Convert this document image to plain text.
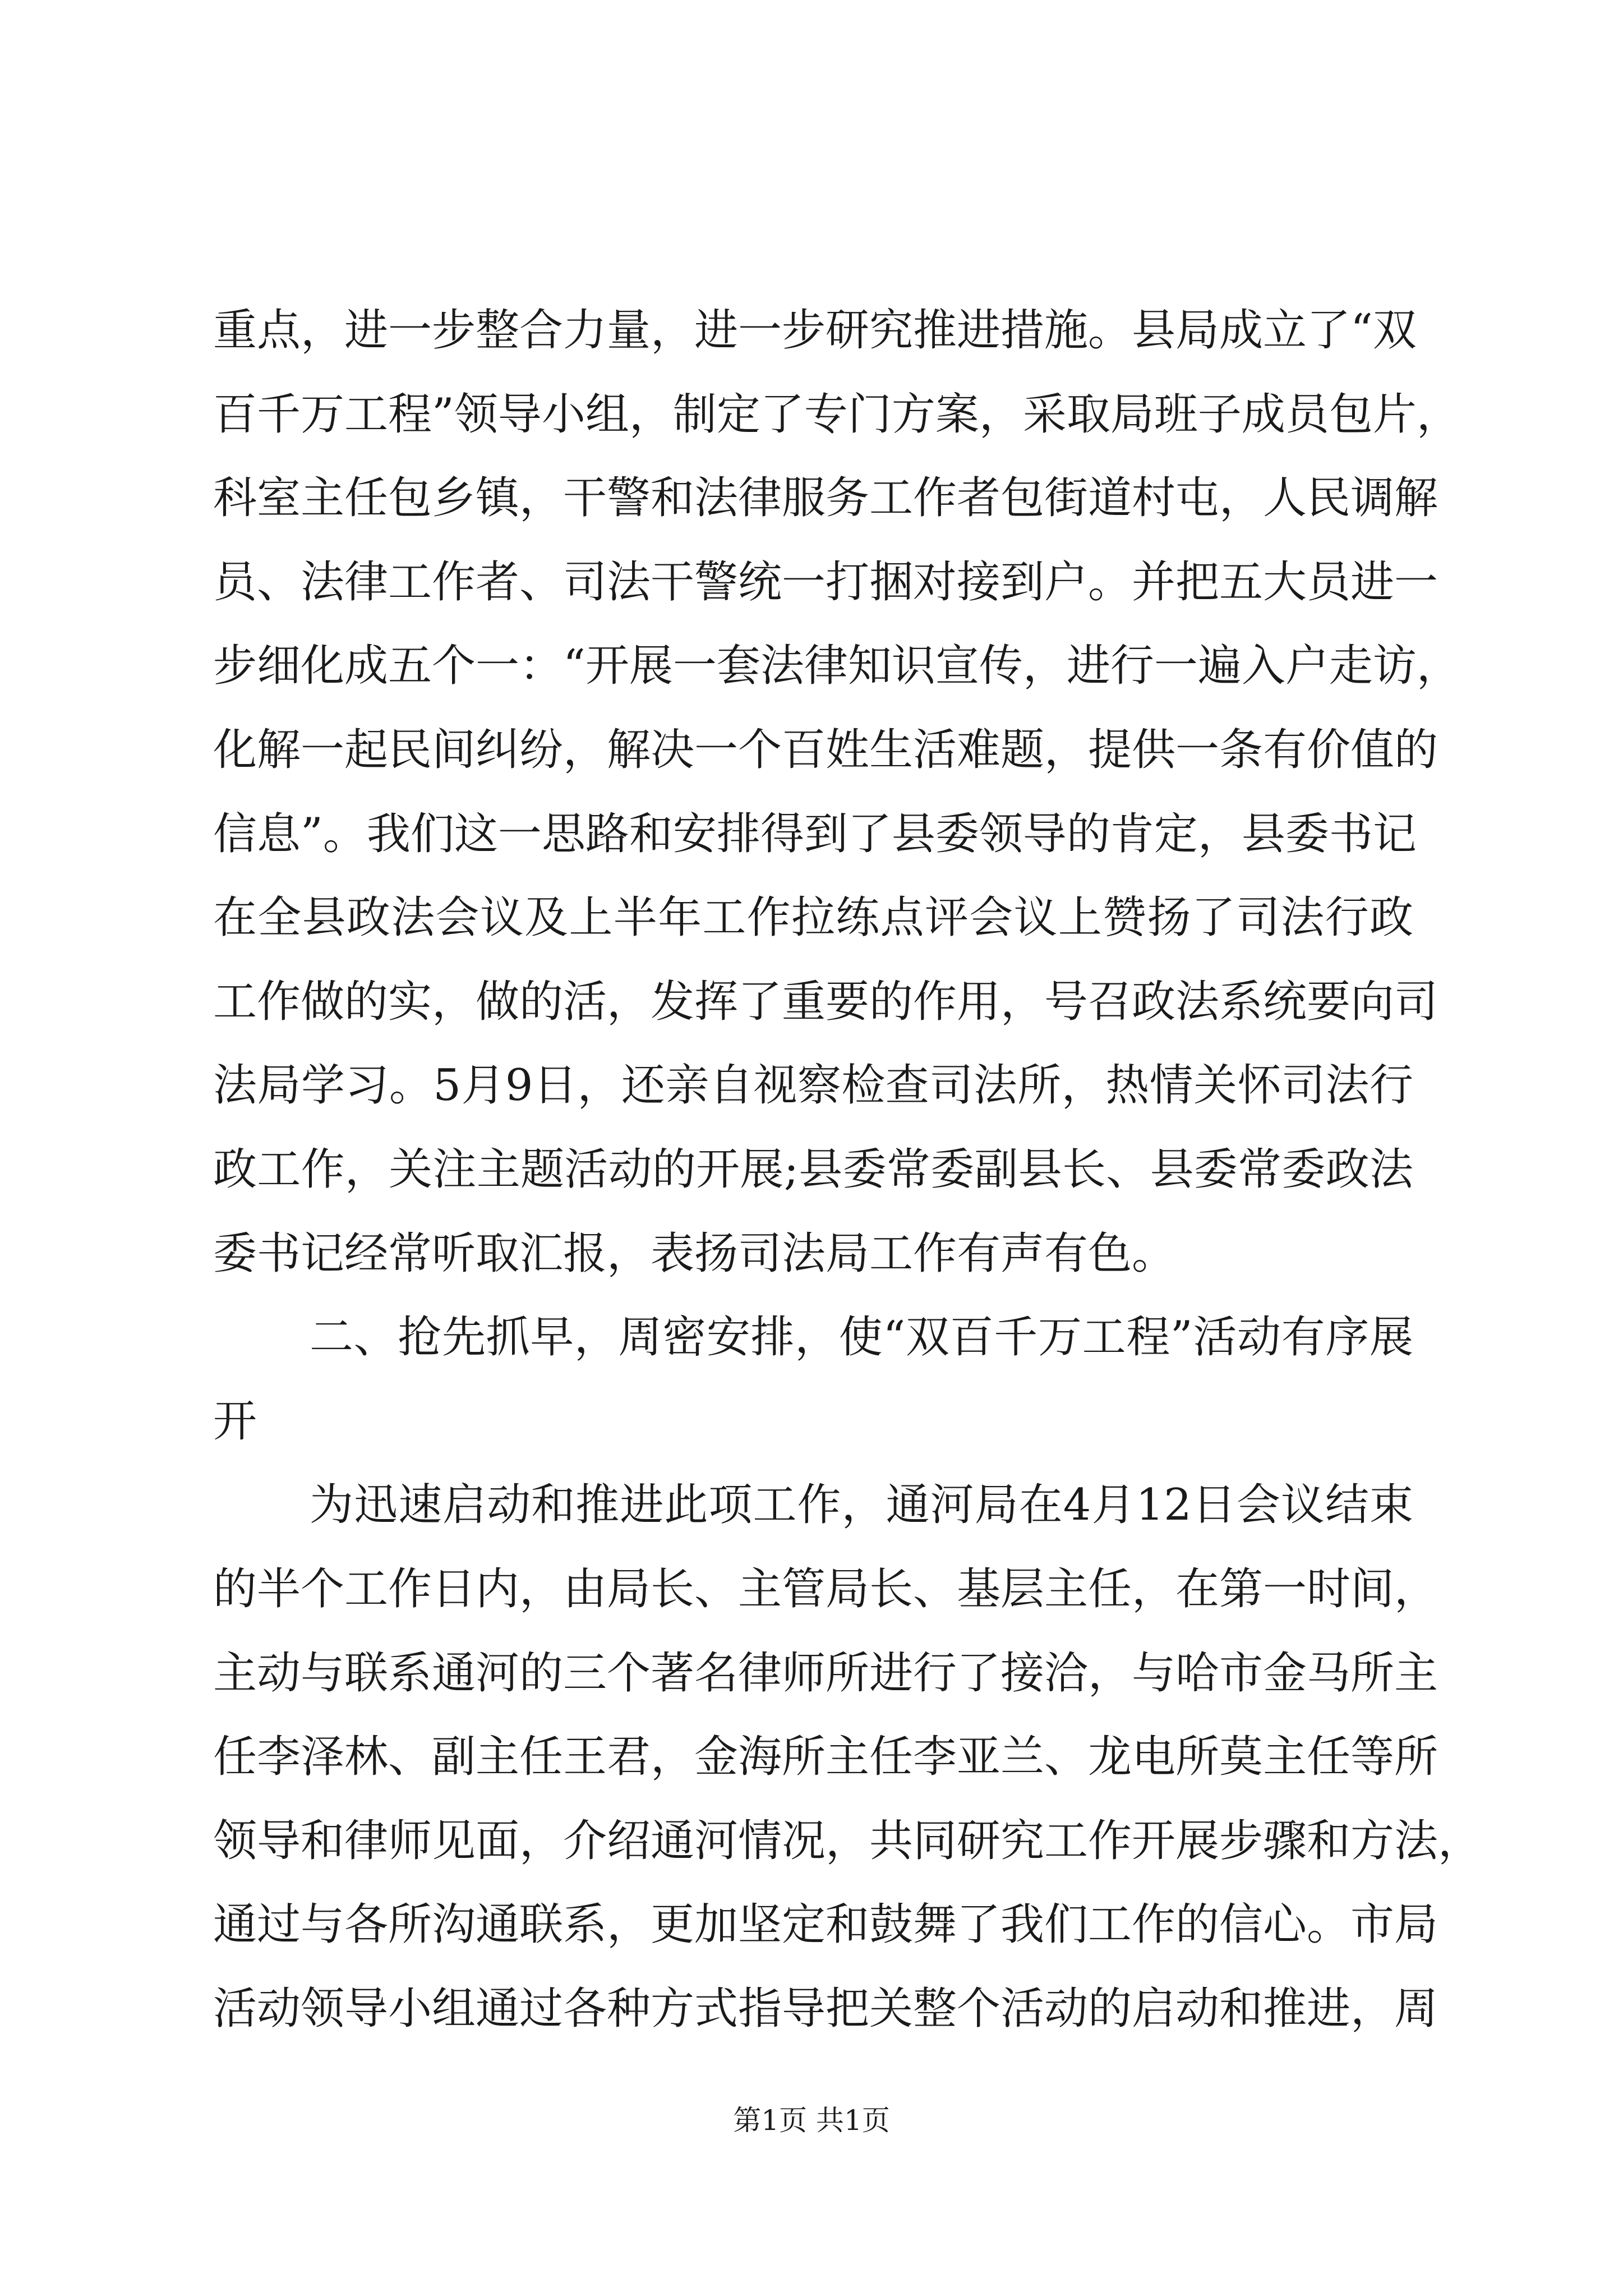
重点，进一步整合力量，进一步研究推进措施。县局成立了“双
百千万工程”领导小组，制定了专门方案，采取局班子成员包片，
科室主任包乡镇，干警和法律服务工作者包街道村屯，人民调解
员、法律工作者、司法干警统一打捆对接到户。并把五大员进一
步细化成五个一：“开展一套法律知识宣传，进行一遍入户走访，
化解一起民间纠纷，解决一个百姓生活难题，提供一条有价值的
信息”。我们这一思路和安排得到了县委领导的肯定，县委书记
在全县政法会议及上半年工作拉练点评会议上赞扬了司法行政
工作做的实，做的活，发挥了重要的作用，号召政法系统要向司
法局学习。5月9日，还亲自视察检查司法所，热情关怀司法行
政工作，关注主题活动的开展;县委常委副县长、县委常委政法
委书记经常听取汇报，表扬司法局工作有声有色。
二、抢先抓早，周密安排，使“双百千万工程”活动有序展
开
为迅速启动和推进此项工作，通河局在4月12日会议结束
的半个工作日内，由局长、主管局长、基层主任，在第一时间，
主动与联系通河的三个著名律师所进行了接洽，与哈市金马所主
任李泽林、副主任王君，金海所主任李亚兰、龙电所莫主任等所
领导和律师见面，介绍通河情况，共同研究工作开展步骤和方法，
通过与各所沟通联系，更加坚定和鼓舞了我们工作的信心。市局
活动领导小组通过各种方式指导把关整个活动的启动和推进，周
第1页 共1页
